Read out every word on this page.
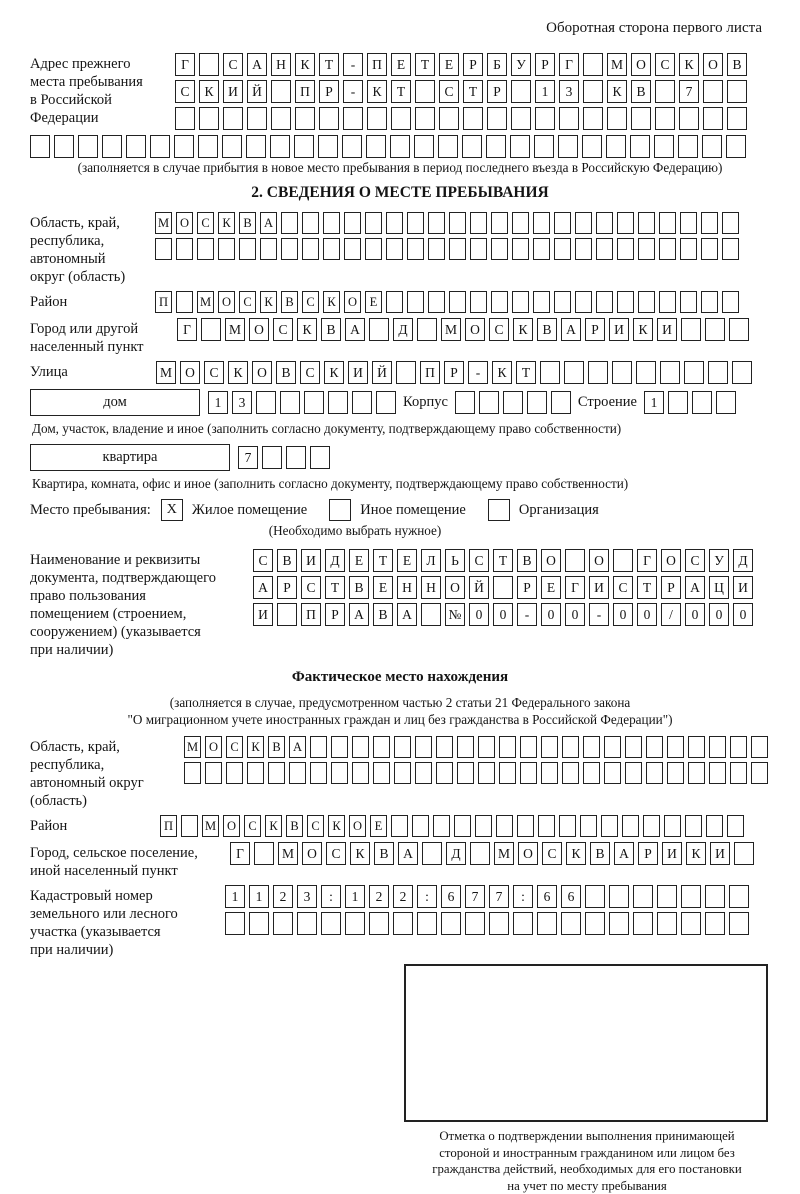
Оборотная сторона первого листа
Адрес прежнего
места пребывания
в Российской
Федерации
Г	С	А	Н	К	Т	-	П	Е	Т	Е	Р	Б	У	Р	Г	М О	С	К	О	В
С	К	И	Й	П	Р	-	К	Т	С	Т	Р	1	3	К	В	7
(заполняется в случае прибытия в новое место пребывания в период последнего въезда в Российскую Федерацию)
2. СВЕДЕНИЯ О МЕСТЕ ПРЕБЫВАНИЯ
Область, край,
республика,
автономный
округ (область)
М О С	К	В А
Район	П	М О С	К	В	С	К О	Е
Город или другой
населенный пункт
Г	М О	С	К	В	А	Д	М О	С	К	В	А	Р	И	К	И
Улица	М О	С	К	О	В	С	К	И	Й	П	Р	-	К	Т
дом	1	3	Корпус	Строение	1
Дом, участок, владение и иное (заполнить согласно документу, подтверждающему право собственности)
квартира	7
Квартира, комната, офис и иное (заполнить согласно документу, подтверждающему право собственности)
Место пребывания:	X	Жилое помещение	Иное помещение	Организация
(Необходимо выбрать нужное)
Наименование и реквизиты
документа, подтверждающего
право пользования
помещением (строением,
сооружением) (указывается
при наличии)
С	В	И	Д	Е	Т	Е	Л	Ь	С	Т	В	О	О	Г	О	С	У	Д
А	Р	С	Т	В	Е	Н	Н	О	Й	Р	Е	Г	И	С	Т	Р	А	Ц	И
И	П	Р	А	В	А	№	0	0	-	0	0	-	0	0	/	0	0	0
Фактическое место нахождения
(заполняется в случае, предусмотренном частью 2 статьи 21 Федерального закона
"О миграционном учете иностранных граждан и лиц без гражданства в Российской Федерации")
Область, край,
республика,
автономный округ
(область)
М О С	К	В А
Район	П	М О С	К	В	С	К О	Е
Город, сельское поселение,
иной населенный пункт
Г	М О	С	К	В	А	Д	М О	С	К	В	А	Р	И	К	И
Кадастровый номер
земельного или лесного
участка (указывается
при наличии)
1	1	2	3	:	1	2	2	:	6	7	7	:	6	6
Отметка о подтверждении выполнения принимающей
стороной и иностранным гражданином или лицом без
гражданства действий, необходимых для его постановки
на учет по месту пребывания
